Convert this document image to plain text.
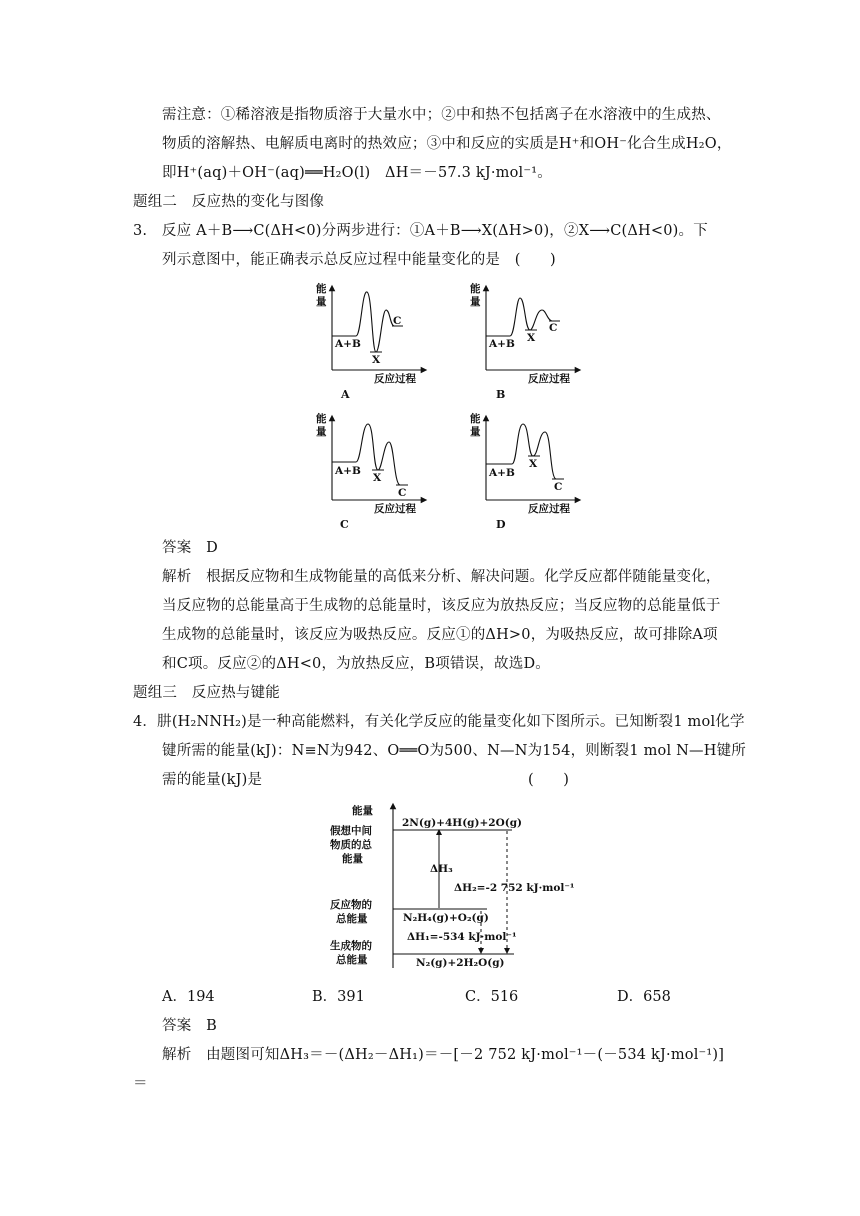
需注意：①稀溶液是指物质溶于大量水中；②中和热不包括离子在水溶液中的生成热、
物质的溶解热、电解质电离时的热效应；③中和反应的实质是H⁺和OH⁻化合生成H₂O，
即H⁺(aq)＋OH⁻(aq)══H₂O(l)　ΔH＝－57.3 kJ·mol⁻¹。
题组二　反应热的变化与图像
3.　反应 A＋B⟶C(ΔH<0)分两步进行：①A＋B⟶X(ΔH>0)，②X⟶C(ΔH<0)。下
列示意图中，能正确表示总反应过程中能量变化的是　(　　)
能
量
A+B
X
C
反应过程
A
能
量
A+B X
C
反应过程
B
能
量
A+B
X
C
反应过程
C
能
量
A+B
X
C
反应过程
D
答案　D
解析　根据反应物和生成物能量的高低来分析、解决问题。化学反应都伴随能量变化，
当反应物的总能量高于生成物的总能量时，该反应为放热反应；当反应物的总能量低于
生成物的总能量时，该反应为吸热反应。反应①的ΔH>0，为吸热反应，故可排除A项
和C项。反应②的ΔH<0，为放热反应，B项错误，故选D。
题组三　反应热与键能
4．肼(H₂NNH₂)是一种高能燃料，有关化学反应的能量变化如下图所示。已知断裂1 mol化学
键所需的能量(kJ)：N≡N为942、O══O为500、N—N为154，则断裂1 mol N—H键所
需的能量(kJ)是	(　　)
能量
假想中间
物质的总
能量
反应物的
总能量
生成物的
总能量
2N(g)+4H(g)+2O(g)
N₂H₄(g)+O₂(g)
N₂(g)+2H₂O(g)
ΔH₃
ΔH₂=-2 752 kJ·mol⁻¹
ΔH₁=-534 kJ·mol⁻¹
A．194	B．391	C．516	D．658
答案　B
解析　由题图可知ΔH₃＝－(ΔH₂－ΔH₁)＝－[－2 752 kJ·mol⁻¹－(－534 kJ·mol⁻¹)]
＝
